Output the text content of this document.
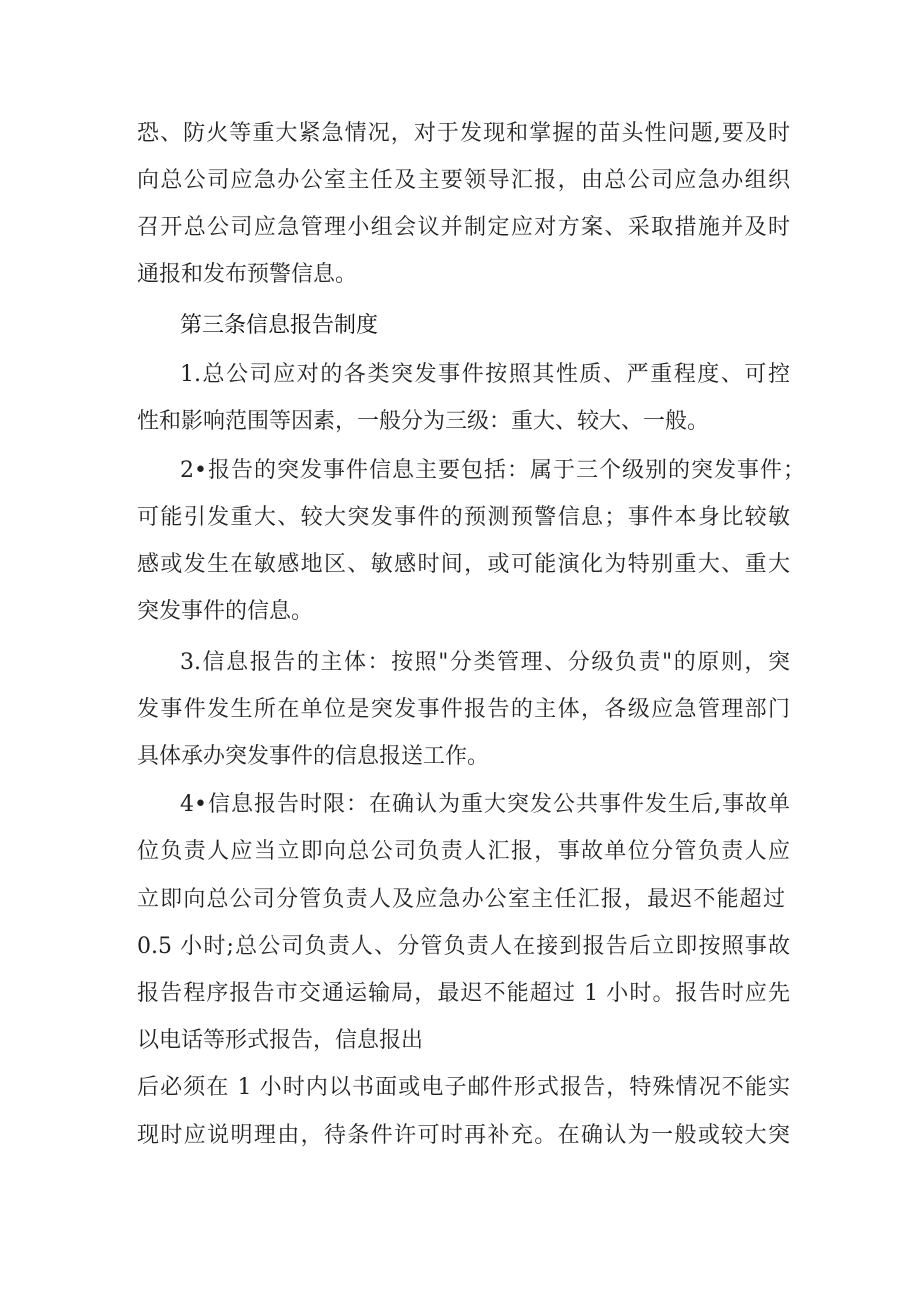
恐、防火等重大紧急情况，对于发现和掌握的苗头性问题,要及时
向总公司应急办公室主任及主要领导汇报，由总公司应急办组织
召开总公司应急管理小组会议并制定应对方案、采取措施并及时
通报和发布预警信息。
第三条信息报告制度
1.总公司应对的各类突发事件按照其性质、严重程度、可控
性和影响范围等因素，一般分为三级：重大、较大、一般。
2•报告的突发事件信息主要包括：属于三个级别的突发事件；
可能引发重大、较大突发事件的预测预警信息；事件本身比较敏
感或发生在敏感地区、敏感时间，或可能演化为特别重大、重大
突发事件的信息。
3.信息报告的主体：按照"分类管理、分级负责"的原则，突
发事件发生所在单位是突发事件报告的主体，各级应急管理部门
具体承办突发事件的信息报送工作。
4•信息报告时限：在确认为重大突发公共事件发生后,事故单
位负责人应当立即向总公司负责人汇报，事故单位分管负责人应
立即向总公司分管负责人及应急办公室主任汇报，最迟不能超过
0.5 小时;总公司负责人、分管负责人在接到报告后立即按照事故
报告程序报告市交通运输局，最迟不能超过 1 小时。报告时应先
以电话等形式报告，信息报出
后必须在 1 小时内以书面或电子邮件形式报告，特殊情况不能实
现时应说明理由，待条件许可时再补充。在确认为一般或较大突
